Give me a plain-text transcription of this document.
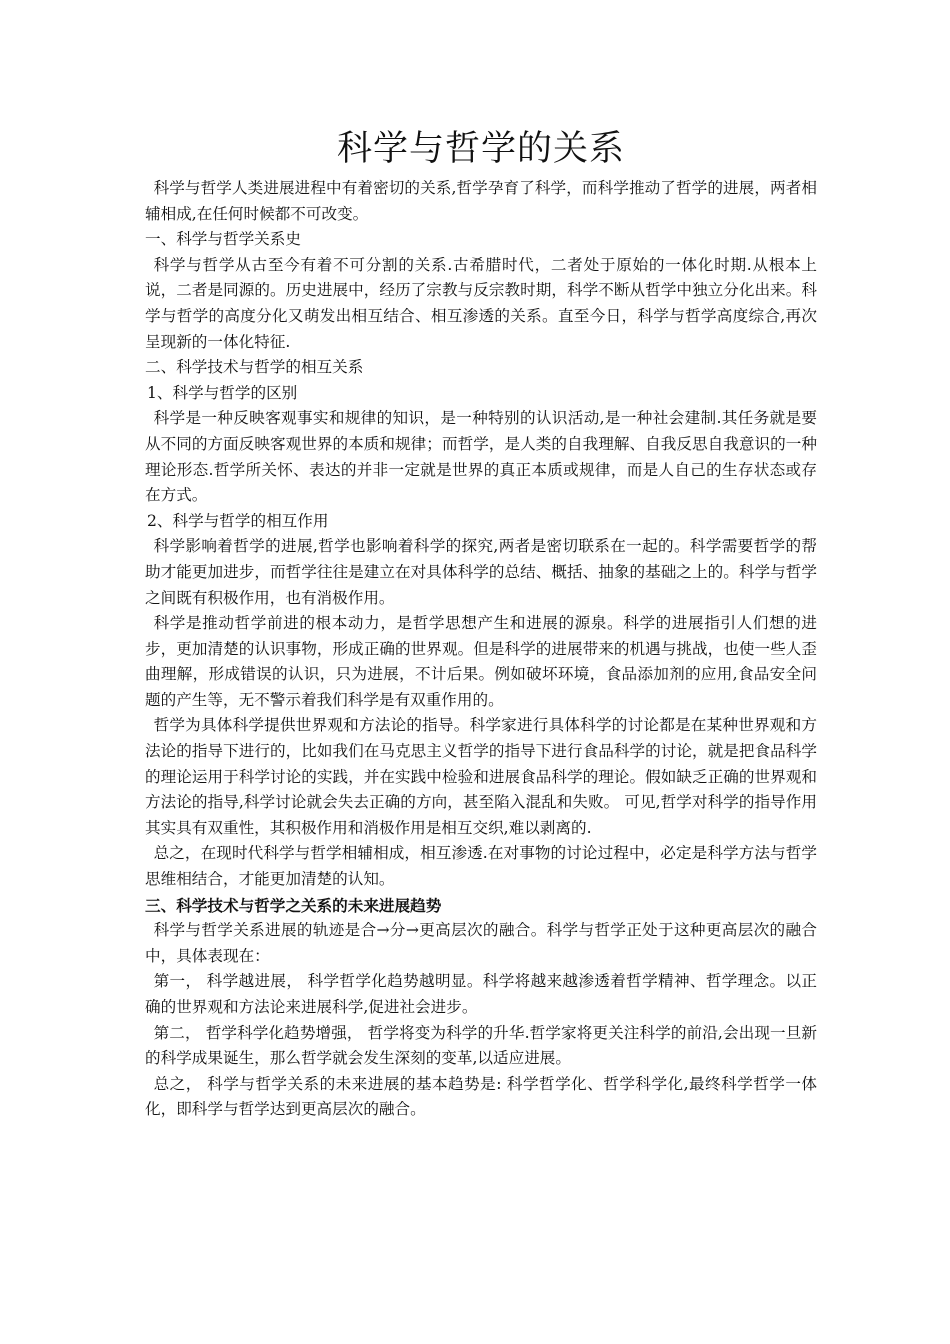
科学与哲学的关系

科学与哲学人类进展进程中有着密切的关系,哲学孕育了科学，而科学推动了哲学的进展，两者相辅相成,在任何时候都不可改变。

一、科学与哲学关系史

科学与哲学从古至今有着不可分割的关系.古希腊时代，二者处于原始的一体化时期.从根本上说，二者是同源的。历史进展中，经历了宗教与反宗教时期，科学不断从哲学中独立分化出来。科学与哲学的高度分化又萌发出相互结合、相互渗透的关系。直至今日，科学与哲学高度综合,再次呈现新的一体化特征.

二、科学技术与哲学的相互关系

1、科学与哲学的区别

科学是一种反映客观事实和规律的知识，是一种特别的认识活动,是一种社会建制.其任务就是要从不同的方面反映客观世界的本质和规律；而哲学，是人类的自我理解、自我反思自我意识的一种理论形态.哲学所关怀、表达的并非一定就是世界的真正本质或规律，而是人自己的生存状态或存在方式。

2、科学与哲学的相互作用

科学影响着哲学的进展,哲学也影响着科学的探究,两者是密切联系在一起的。科学需要哲学的帮助才能更加进步，而哲学往往是建立在对具体科学的总结、概括、抽象的基础之上的。科学与哲学之间既有积极作用，也有消极作用。

科学是推动哲学前进的根本动力，是哲学思想产生和进展的源泉。科学的进展指引人们想的进步，更加清楚的认识事物，形成正确的世界观。但是科学的进展带来的机遇与挑战，也使一些人歪曲理解，形成错误的认识，只为进展，不计后果。例如破坏环境，食品添加剂的应用,食品安全问题的产生等，无不警示着我们科学是有双重作用的。

哲学为具体科学提供世界观和方法论的指导。科学家进行具体科学的讨论都是在某种世界观和方法论的指导下进行的，比如我们在马克思主义哲学的指导下进行食品科学的讨论，就是把食品科学的理论运用于科学讨论的实践，并在实践中检验和进展食品科学的理论。假如缺乏正确的世界观和方法论的指导,科学讨论就会失去正确的方向，甚至陷入混乱和失败。 可见,哲学对科学的指导作用其实具有双重性，其积极作用和消极作用是相互交织,难以剥离的.

总之，在现时代科学与哲学相辅相成，相互渗透.在对事物的讨论过程中，必定是科学方法与哲学思维相结合，才能更加清楚的认知。

三、科学技术与哲学之关系的未来进展趋势

科学与哲学关系进展的轨迹是合→分→更高层次的融合。科学与哲学正处于这种更高层次的融合中，具体表现在：

第一， 科学越进展， 科学哲学化趋势越明显。科学将越来越渗透着哲学精神、哲学理念。以正确的世界观和方法论来进展科学,促进社会进步。

第二， 哲学科学化趋势增强， 哲学将变为科学的升华.哲学家将更关注科学的前沿,会出现一旦新的科学成果诞生，那么哲学就会发生深刻的变革,以适应进展。

总之， 科学与哲学关系的未来进展的基本趋势是: 科学哲学化、哲学科学化,最终科学哲学一体化，即科学与哲学达到更高层次的融合。
